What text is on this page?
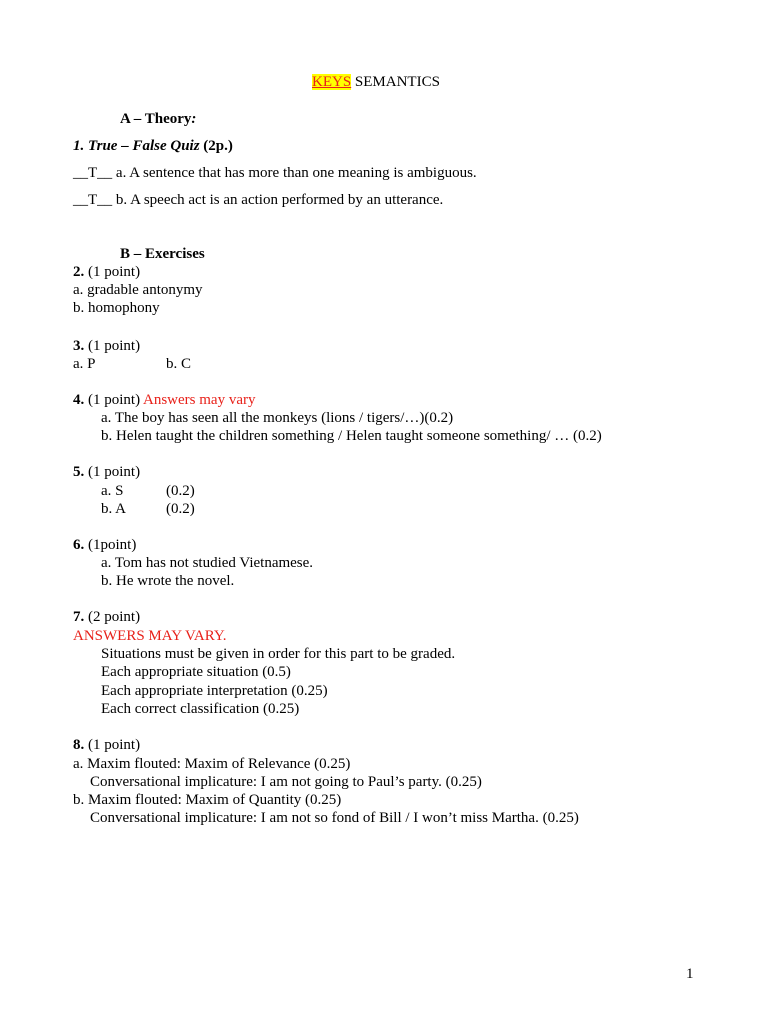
KEYS SEMANTICS
A – Theory:
1. True – False Quiz (2p.)
__T__ a. A sentence that has more than one meaning is ambiguous.
__T__ b. A speech act is an action performed by an utterance.
B – Exercises
2. (1 point)
a. gradable antonymy
b. homophony
3. (1 point)
a. P	b. C
4. (1 point) Answers may vary
a. The boy has seen all the monkeys (lions / tigers/…)(0.2)
b. Helen taught the children something / Helen taught someone something/ … (0.2)
5. (1 point)
a. S	(0.2)
b. A	(0.2)
6. (1point)
a. Tom has not studied Vietnamese.
b. He wrote the novel.
7. (2 point)
ANSWERS MAY VARY.
Situations must be given in order for this part to be graded.
Each appropriate situation (0.5)
Each appropriate interpretation (0.25)
Each correct classification (0.25)
8. (1 point)
a. Maxim flouted: Maxim of Relevance (0.25)
Conversational implicature: I am not going to Paul’s party. (0.25)
b. Maxim flouted: Maxim of Quantity (0.25)
Conversational implicature: I am not so fond of Bill / I won’t miss Martha. (0.25)
1
